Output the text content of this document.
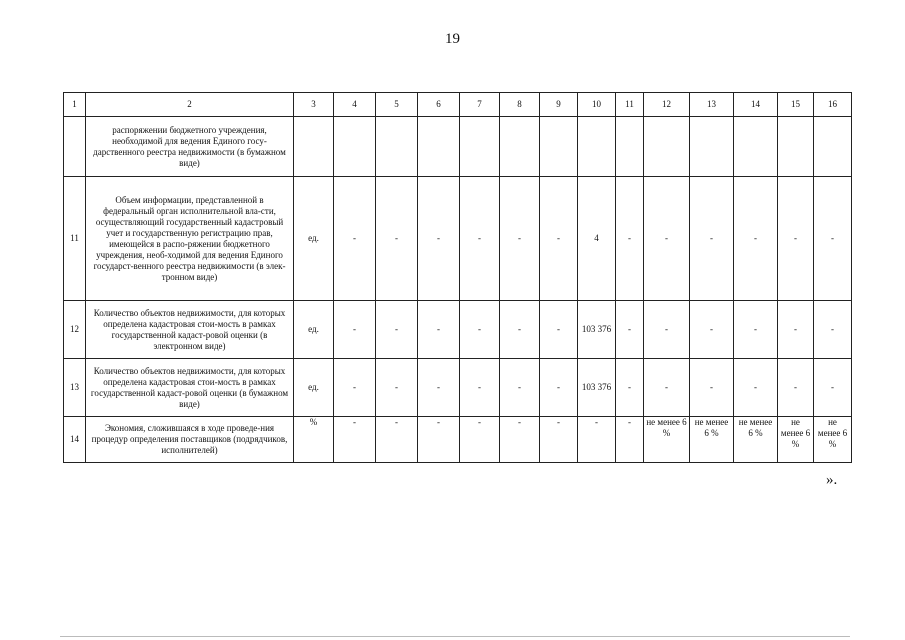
19
1	2	3	4	5	6	7	8	9	10	11	12	13	14	15	16
	распоряжении бюджетного учреждения, необходимой для ведения Единого госу-дарственного реестра недвижимости (в бумажном виде)														
11	Объем информации, представленной в федеральный орган исполнительной вла-сти, осуществляющий государственный кадастровый учет и государственную регистрацию прав, имеющейся в распо-ряжении бюджетного учреждения, необ-ходимой для ведения Единого государст-венного реестра недвижимости (в элек-тронном виде)	ед.	-	-	-	-	-	-	4	-	-	-	-	-	-
12	Количество объектов недвижимости, для которых определена кадастровая стои-мость в рамках государственной кадаст-ровой оценки (в электронном виде)	ед.	-	-	-	-	-	-	103 376	-	-	-	-	-	-
13	Количество объектов недвижимости, для которых определена кадастровая стои-мость в рамках государственной кадаст-ровой оценки (в бумажном виде)	ед.	-	-	-	-	-	-	103 376	-	-	-	-	-	-
14	Экономия, сложившаяся в ходе проведе-ния процедур определения поставщиков (подрядчиков, исполнителей)	%	-	-	-	-	-	-	-	-	не менее 6 %	не менее 6 %	не менее 6 %	не менее 6 %	не менее 6 %
».
